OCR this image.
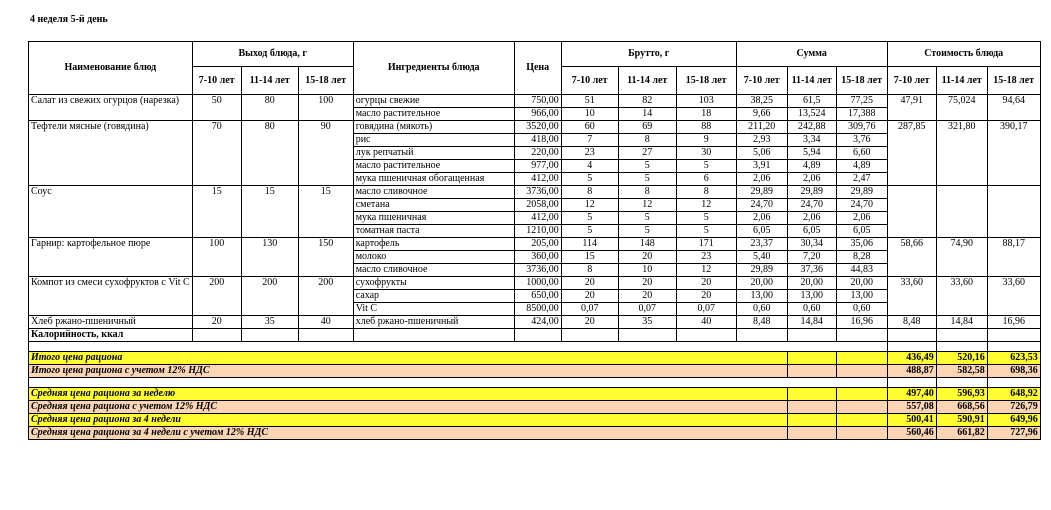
4 неделя 5-й день
Наименование блюд	Выход блюда, г			Ингредиенты блюда	Цена	Брутто, г			Сумма			Стоимость блюда		
	7-10 лет	11-14 лет	15-18 лет			7-10 лет	11-14 лет	15-18 лет	7-10 лет	11-14 лет	15-18 лет	7-10 лет	11-14 лет	15-18 лет
Салат из свежих огурцов (нарезка)	50	80	100	огурцы свежие	750,00	51	82	103	38,25	61,5	77,25	47,91	75,024	94,64
				масло растительное	966,00	10	14	18	9,66	13,524	17,388			
Тефтели мясные (говядина)	70	80	90	говядина (мякоть)	3520,00	60	69	88	211,20	242,88	309,76	287,85	321,80	390,17
				рис	418,00	7	8	9	2,93	3,34	3,76			
				лук репчатый	220,00	23	27	30	5,06	5,94	6,60			
				масло растительное	977,00	4	5	5	3,91	4,89	4,89			
				мука пшеничная обогащенная	412,00	5	5	6	2,06	2,06	2,47			
Соус	15	15	15	масло сливочное	3736,00	8	8	8	29,89	29,89	29,89			
				сметана	2058,00	12	12	12	24,70	24,70	24,70			
				мука пшеничная	412,00	5	5	5	2,06	2,06	2,06			
				томатная паста	1210,00	5	5	5	6,05	6,05	6,05			
Гарнир: картофельное пюре	100	130	150	картофель	205,00	114	148	171	23,37	30,34	35,06	58,66	74,90	88,17
				молоко	360,00	15	20	23	5,40	7,20	8,28			
				масло сливочное	3736,00	8	10	12	29,89	37,36	44,83			
Компот из смеси сухофруктов с Vit C	200	200	200	сухофрукты	1000,00	20	20	20	20,00	20,00	20,00	33,60	33,60	33,60
				сахар	650,00	20	20	20	13,00	13,00	13,00			
				Vit C	8500,00	0,07	0,07	0,07	0,60	0,60	0,60			
Хлеб ржано-пшеничный	20	35	40	хлеб ржано-пшеничный	424,00	20	35	40	8,48	14,84	16,96	8,48	14,84	16,96
Калорийность, ккал														

Итого цена рациона												436,49	520,16	623,53
Итого цена рациона с учетом 12% НДС												488,87	582,58	698,36

Средняя цена рациона за неделю												497,40	596,93	648,92
Средняя цена рациона с учетом 12% НДС												557,08	668,56	726,79
Средняя цена рациона за 4 недели												500,41	590,91	649,96
Средняя цена рациона за 4 недели с учетом 12% НДС												560,46	661,82	727,96
